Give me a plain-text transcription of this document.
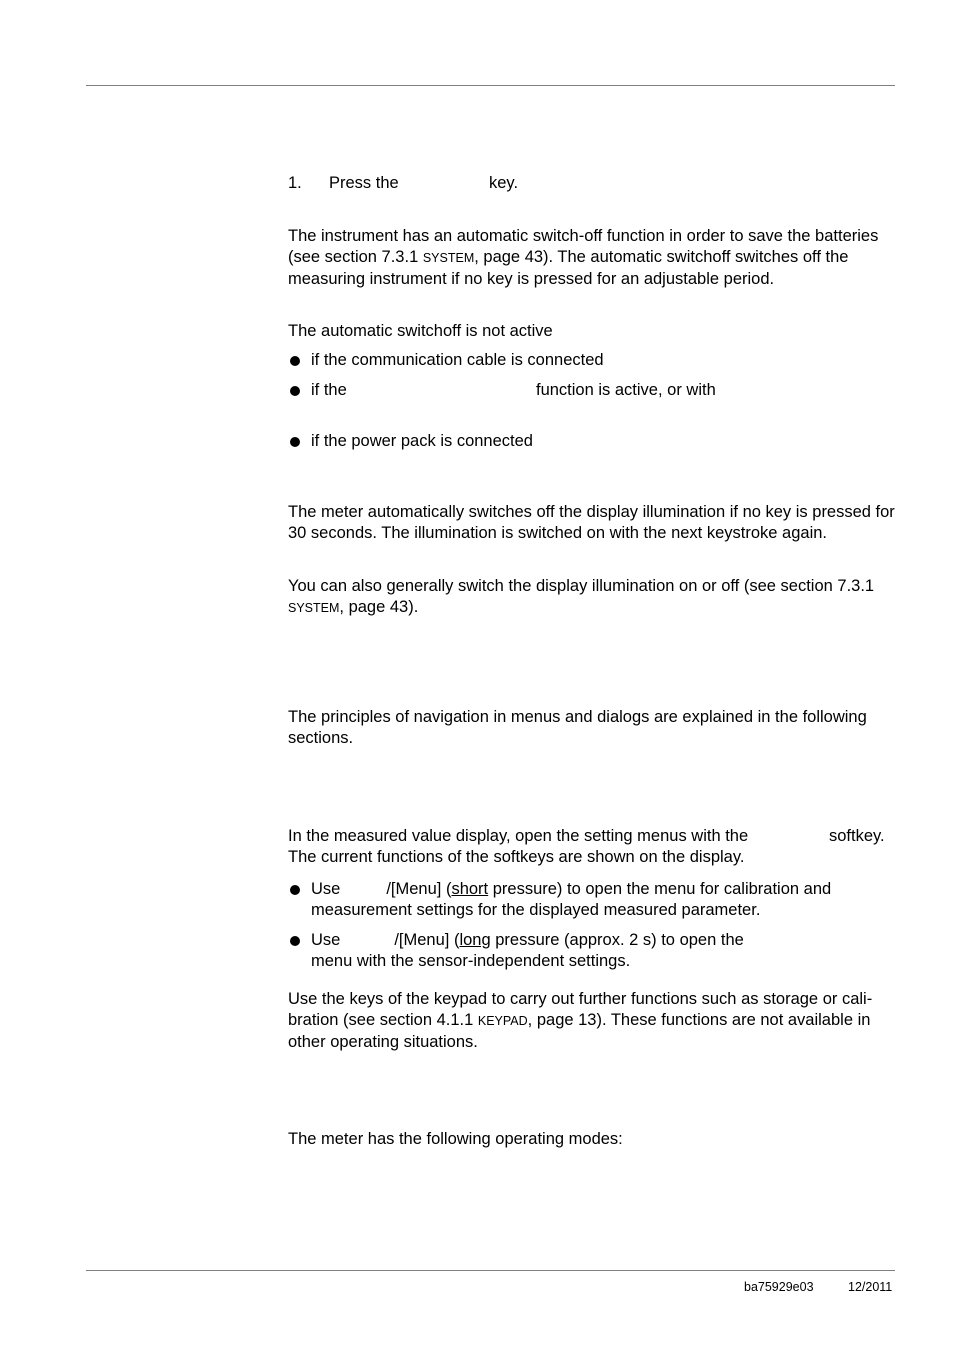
1. Press the	key.

The instrument has an automatic switch-off function in order to save the batteries (see section 7.3.1 SYSTEM, page 43). The automatic switchoff switches off the measuring instrument if no key is pressed for an adjustable period.

The automatic switchoff is not active

if the communication cable is connected
if the	function is active, or with
if the power pack is connected

The meter automatically switches off the display illumination if no key is pressed for 30 seconds. The illumination is switched on with the next keystroke again.

You can also generally switch the display illumination on or off (see section 7.3.1 SYSTEM, page 43).

The principles of navigation in menus and dialogs are explained in the following sections.

In the measured value display, open the setting menus with the	softkey.
The current functions of the softkeys are shown on the display.
Use	/[Menu] (short pressure) to open the menu for calibration and measurement settings for the displayed measured parameter.
Use	/[Menu] (long pressure (approx. 2 s) to open the
menu with the sensor-independent settings.

Use the keys of the keypad to carry out further functions such as storage or cali-bration (see section 4.1.1 KEYPAD, page 13). These functions are not available in other operating situations.

The meter has the following operating modes:

ba75929e03	12/2011
